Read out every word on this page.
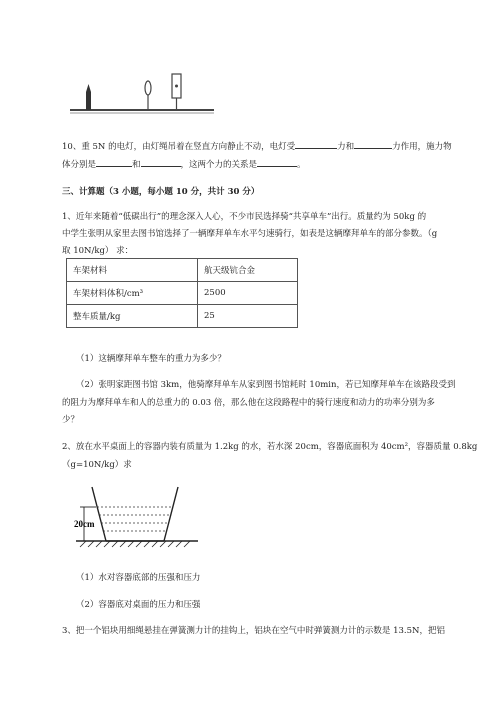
10、重 5N 的电灯，由灯绳吊着在竖直方向静止不动，电灯受	力和	力作用，施力物
体分别是	和	，这两个力的关系是	。
三、计算题（3 小题，每小题 10 分，共计 30 分）
1、近年来随着“低碳出行”的理念深入人心，不少市民选择骑“共享单车”出行。质量约为 50kg 的
中学生张明从家里去图书馆选择了一辆摩拜单车水平匀速骑行，如表是这辆摩拜单车的部分参数。（g
取 10N/kg） 求：
车架材料	航天级钪合金
车架材料体积/cm³	2500
整车质量/kg	25
（1）这辆摩拜单车整车的重力为多少？
（2）张明家距图书馆 3km，他骑摩拜单车从家到图书馆耗时 10min，若已知摩拜单车在该路段受到
的阻力为摩拜单车和人的总重力的 0.03 倍，那么他在这段路程中的骑行速度和动力的功率分别为多
少？
2、放在水平桌面上的容器内装有质量为 1.2kg 的水，若水深 20cm，容器底面积为 40cm²，容器质量 0.8kg
（g=10N/kg）求
20cm
（1）水对容器底部的压强和压力
（2）容器底对桌面的压力和压强
3、把一个铝块用细绳悬挂在弹簧测力计的挂钩上，铝块在空气中时弹簧测力计的示数是 13.5N，把铝
